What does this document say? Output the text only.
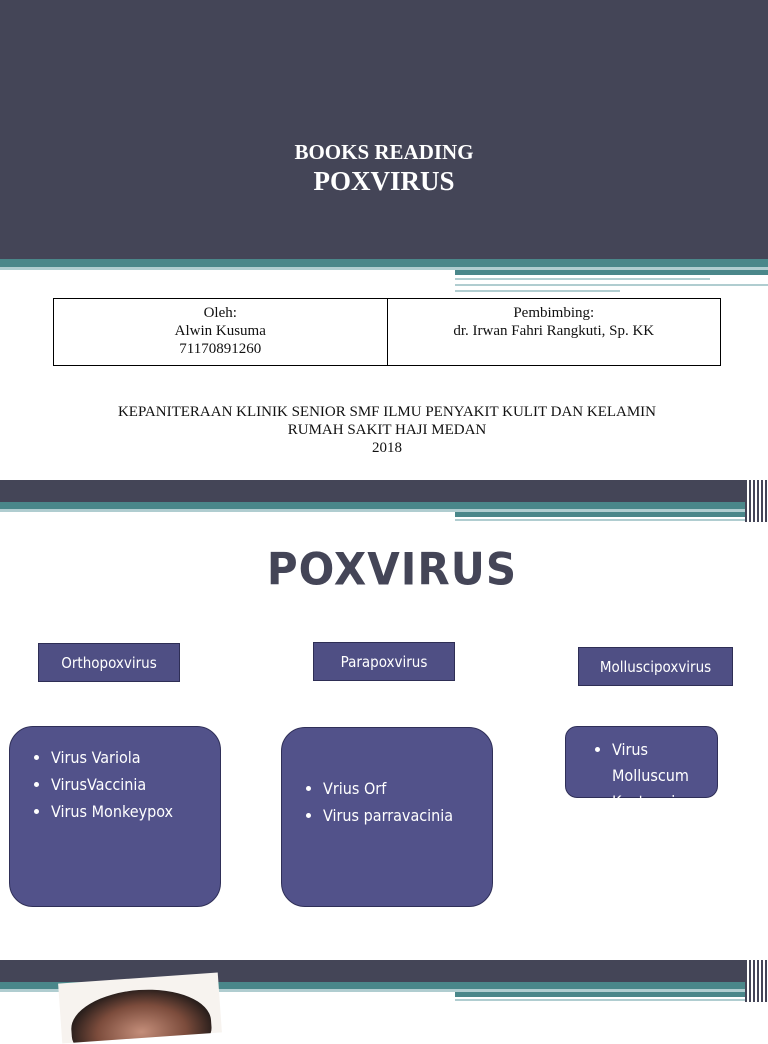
BOOKS READING
POXVIRUS
Oleh:
Alwin Kusuma
71170891260
Pembimbing:
dr. Irwan Fahri Rangkuti, Sp. KK
KEPANITERAAN KLINIK SENIOR SMF ILMU PENYAKIT KULIT DAN KELAMIN
RUMAH SAKIT HAJI MEDAN
2018
POXVIRUS
Orthopoxvirus	Parapoxvirus	Molluscipoxvirus
• Virus Variola
• VirusVaccinia
• Virus Monkeypox
• Vrius Orf
• Virus parravacinia
• Virus Molluscum Kontangiosum
